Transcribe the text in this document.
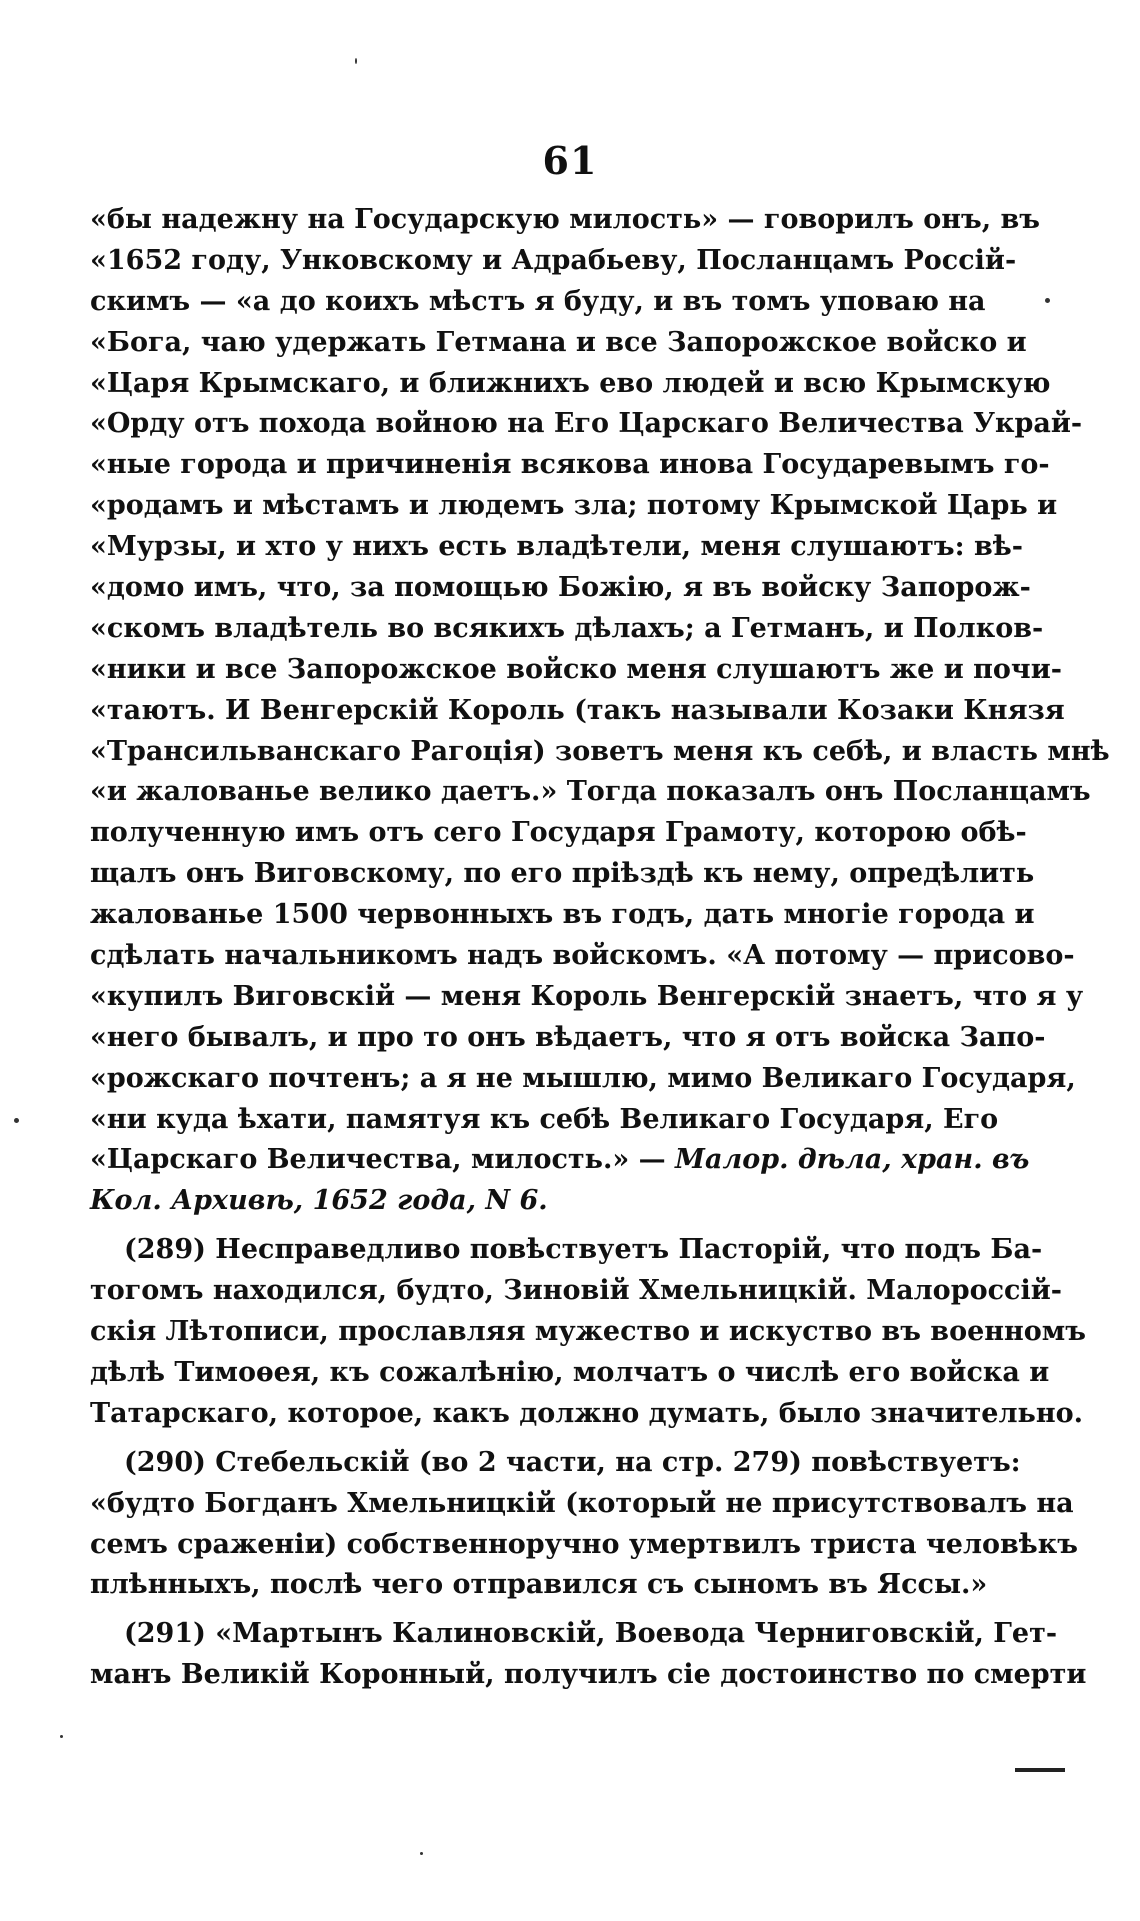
61
«бы надежну на Государскую милость» — говорилъ онъ, въ
«1652 году, Унковскому и Адрабьеву, Посланцамъ Россій-
скимъ — «а до коихъ мѣстъ я буду, и въ томъ уповаю на
«Бога, чаю удержать Гетмана и все Запорожское войско и
«Царя Крымскаго, и ближнихъ ево людей и всю Крымскую
«Орду отъ похода войною на Его Царскаго Величества Украй-
«ные города и причиненія всякова инова Государевымъ го-
«родамъ и мѣстамъ и людемъ зла; потому Крымской Царь и
«Мурзы, и хто у нихъ есть владѣтели, меня слушаютъ: вѣ-
«домо имъ, что, за помощью Божію, я въ войску Запорож-
«скомъ владѣтель во всякихъ дѣлахъ; а Гетманъ, и Полков-
«ники и все Запорожское войско меня слушаютъ же и почи-
«таютъ. И Венгерскій Король (такъ называли Козаки Князя
«Трансильванскаго Рагоція) зоветъ меня къ себѣ, и власть мнѣ
«и жалованье велико даетъ.» Тогда показалъ онъ Посланцамъ
полученную имъ отъ сего Государя Грамоту, которою обѣ-
щалъ онъ Виговскому, по его пріѣздѣ къ нему, опредѣлить
жалованье 1500 червонныхъ въ годъ, дать многіе города и
сдѣлать начальникомъ надъ войскомъ. «А потому — присово-
«купилъ Виговскій — меня Король Венгерскій знаетъ, что я у
«него бывалъ, и про то онъ вѣдаетъ, что я отъ войска Запо-
«рожскаго почтенъ; а я не мышлю, мимо Великаго Государя,
«ни куда ѣхати, памятуя къ себѣ Великаго Государя, Его
«Царскаго Величества, милость.» — Малор. дѣла, хран. въ
Кол. Архивѣ, 1652 года, N 6.
(289) Несправедливо повѣствуетъ Пасторій, что подъ Ба-
тогомъ находился, будто, Зиновій Хмельницкій. Малороссій-
скія Лѣтописи, прославляя мужество и искуство въ военномъ
дѣлѣ Тимоѳея, къ сожалѣнію, молчатъ о числѣ его войска и
Татарскаго, которое, какъ должно думать, было значительно.
(290) Стебельскій (во 2 части, на стр. 279) повѣствуетъ:
«будто Богданъ Хмельницкій (который не присутствовалъ на
семъ сраженіи) собственноручно умертвилъ триста человѣкъ
плѣнныхъ, послѣ чего отправился съ сыномъ въ Яссы.»
(291) «Мартынъ Калиновскій, Воевода Черниговскій, Гет-
манъ Великій Коронный, получилъ сіе достоинство по смерти
